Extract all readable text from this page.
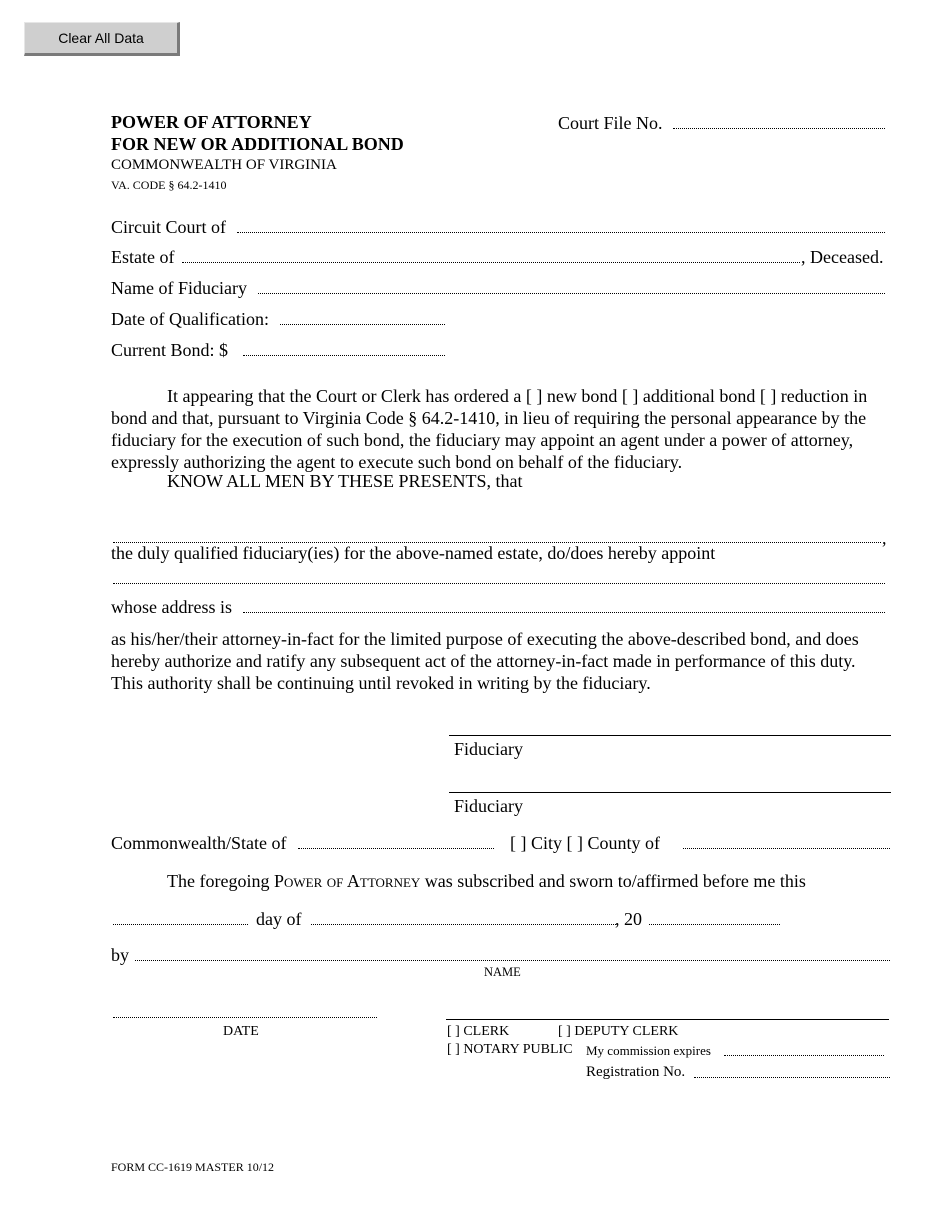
Clear All Data
POWER OF ATTORNEY
FOR NEW OR ADDITIONAL BOND
COMMONWEALTH OF VIRGINIA
VA. CODE § 64.2-1410
Court File No.
Circuit Court of
Estate of	, Deceased.
Name of Fiduciary
Date of Qualification:
Current Bond: $
It appearing that the Court or Clerk has ordered a [ ] new bond [ ] additional bond [ ] reduction in bond and that, pursuant to Virginia Code § 64.2-1410, in lieu of requiring the personal appearance by the fiduciary for the execution of such bond, the fiduciary may appoint an agent under a power of attorney, expressly authorizing the agent to execute such bond on behalf of the fiduciary.
KNOW ALL MEN BY THESE PRESENTS, that
,
the duly qualified fiduciary(ies) for the above-named estate, do/does hereby appoint
whose address is
as his/her/their attorney-in-fact for the limited purpose of executing the above-described bond, and does hereby authorize and ratify any subsequent act of the attorney-in-fact made in performance of this duty. This authority shall be continuing until revoked in writing by the fiduciary.
Fiduciary
Fiduciary
Commonwealth/State of	[ ] City [ ] County of
The foregoing Power of Attorney was subscribed and sworn to/affirmed before me this
day of	, 20
by
NAME
DATE	[ ] CLERK	[ ] DEPUTY CLERK
[ ] NOTARY PUBLIC My commission expires
Registration No.
FORM CC-1619 MASTER 10/12
